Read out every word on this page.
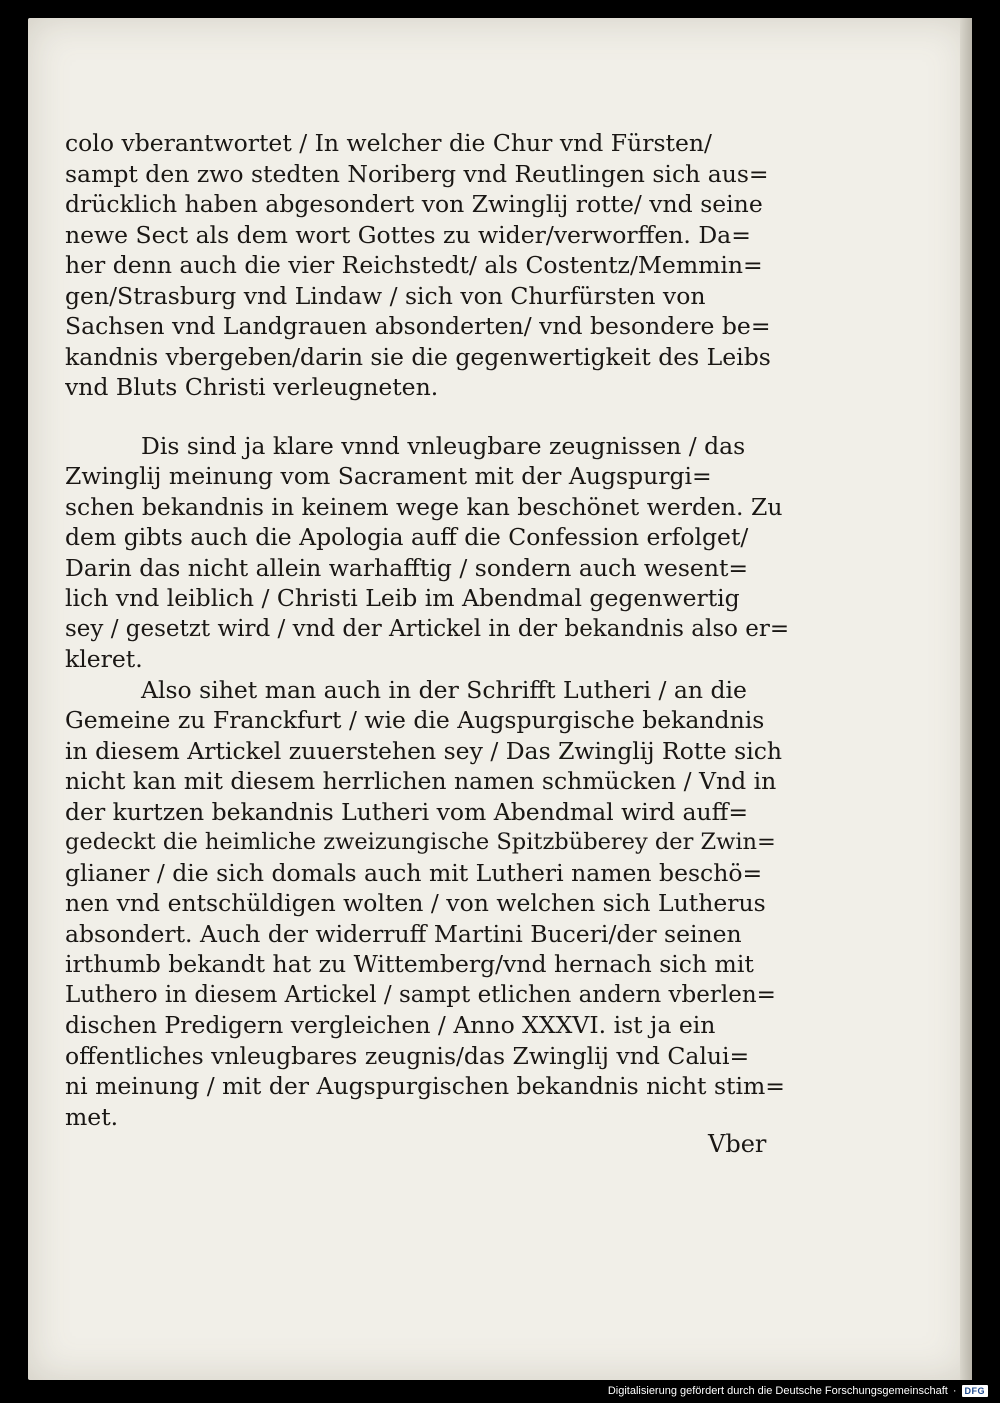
colo vberantwortet / In welcher die Chur vnd Fürsten/
sampt den zwo stedten Noriberg vnd Reutlingen sich aus=
drücklich haben abgesondert von Zwinglij rotte/ vnd seine
newe Sect als dem wort Gottes zu wider/verworffen. Da=
her denn auch die vier Reichstedt/ als Costentz/Memmin=
gen/Strasburg vnd Lindaw / sich von Churfürsten von
Sachsen vnd Landgrauen absonderten/ vnd besondere be=
kandnis vbergeben/darin sie die gegenwertigkeit des Leibs
vnd Bluts Christi verleugneten.
Dis sind ja klare vnnd vnleugbare zeugnissen / das
Zwinglij meinung vom Sacrament mit der Augspurgi=
schen bekandnis in keinem wege kan beschönet werden. Zu
dem gibts auch die Apologia auff die Confession erfolget/
Darin das nicht allein warhafftig / sondern auch wesent=
lich vnd leiblich / Christi Leib im Abendmal gegenwertig
sey / gesetzt wird / vnd der Artickel in der bekandnis also er=
kleret.
Also sihet man auch in der Schrifft Lutheri / an die
Gemeine zu Franckfurt / wie die Augspurgische bekandnis
in diesem Artickel zuuerstehen sey / Das Zwinglij Rotte sich
nicht kan mit diesem herrlichen namen schmücken / Vnd in
der kurtzen bekandnis Lutheri vom Abendmal wird auff=
gedeckt die heimliche zweizungische Spitzbüberey der Zwin=
glianer / die sich domals auch mit Lutheri namen beschö=
nen vnd entschüldigen wolten / von welchen sich Lutherus
absondert. Auch der widerruff Martini Buceri/der seinen
irthumb bekandt hat zu Wittemberg/vnd hernach sich mit
Luthero in diesem Artickel / sampt etlichen andern vberlen=
dischen Predigern vergleichen / Anno XXXVI. ist ja ein
offentliches vnleugbares zeugnis/das Zwinglij vnd Calui=
ni meinung / mit der Augspurgischen bekandnis nicht stim=
met.
Vber
Digitalisierung gefördert durch die Deutsche Forschungsgemeinschaft · DFG
